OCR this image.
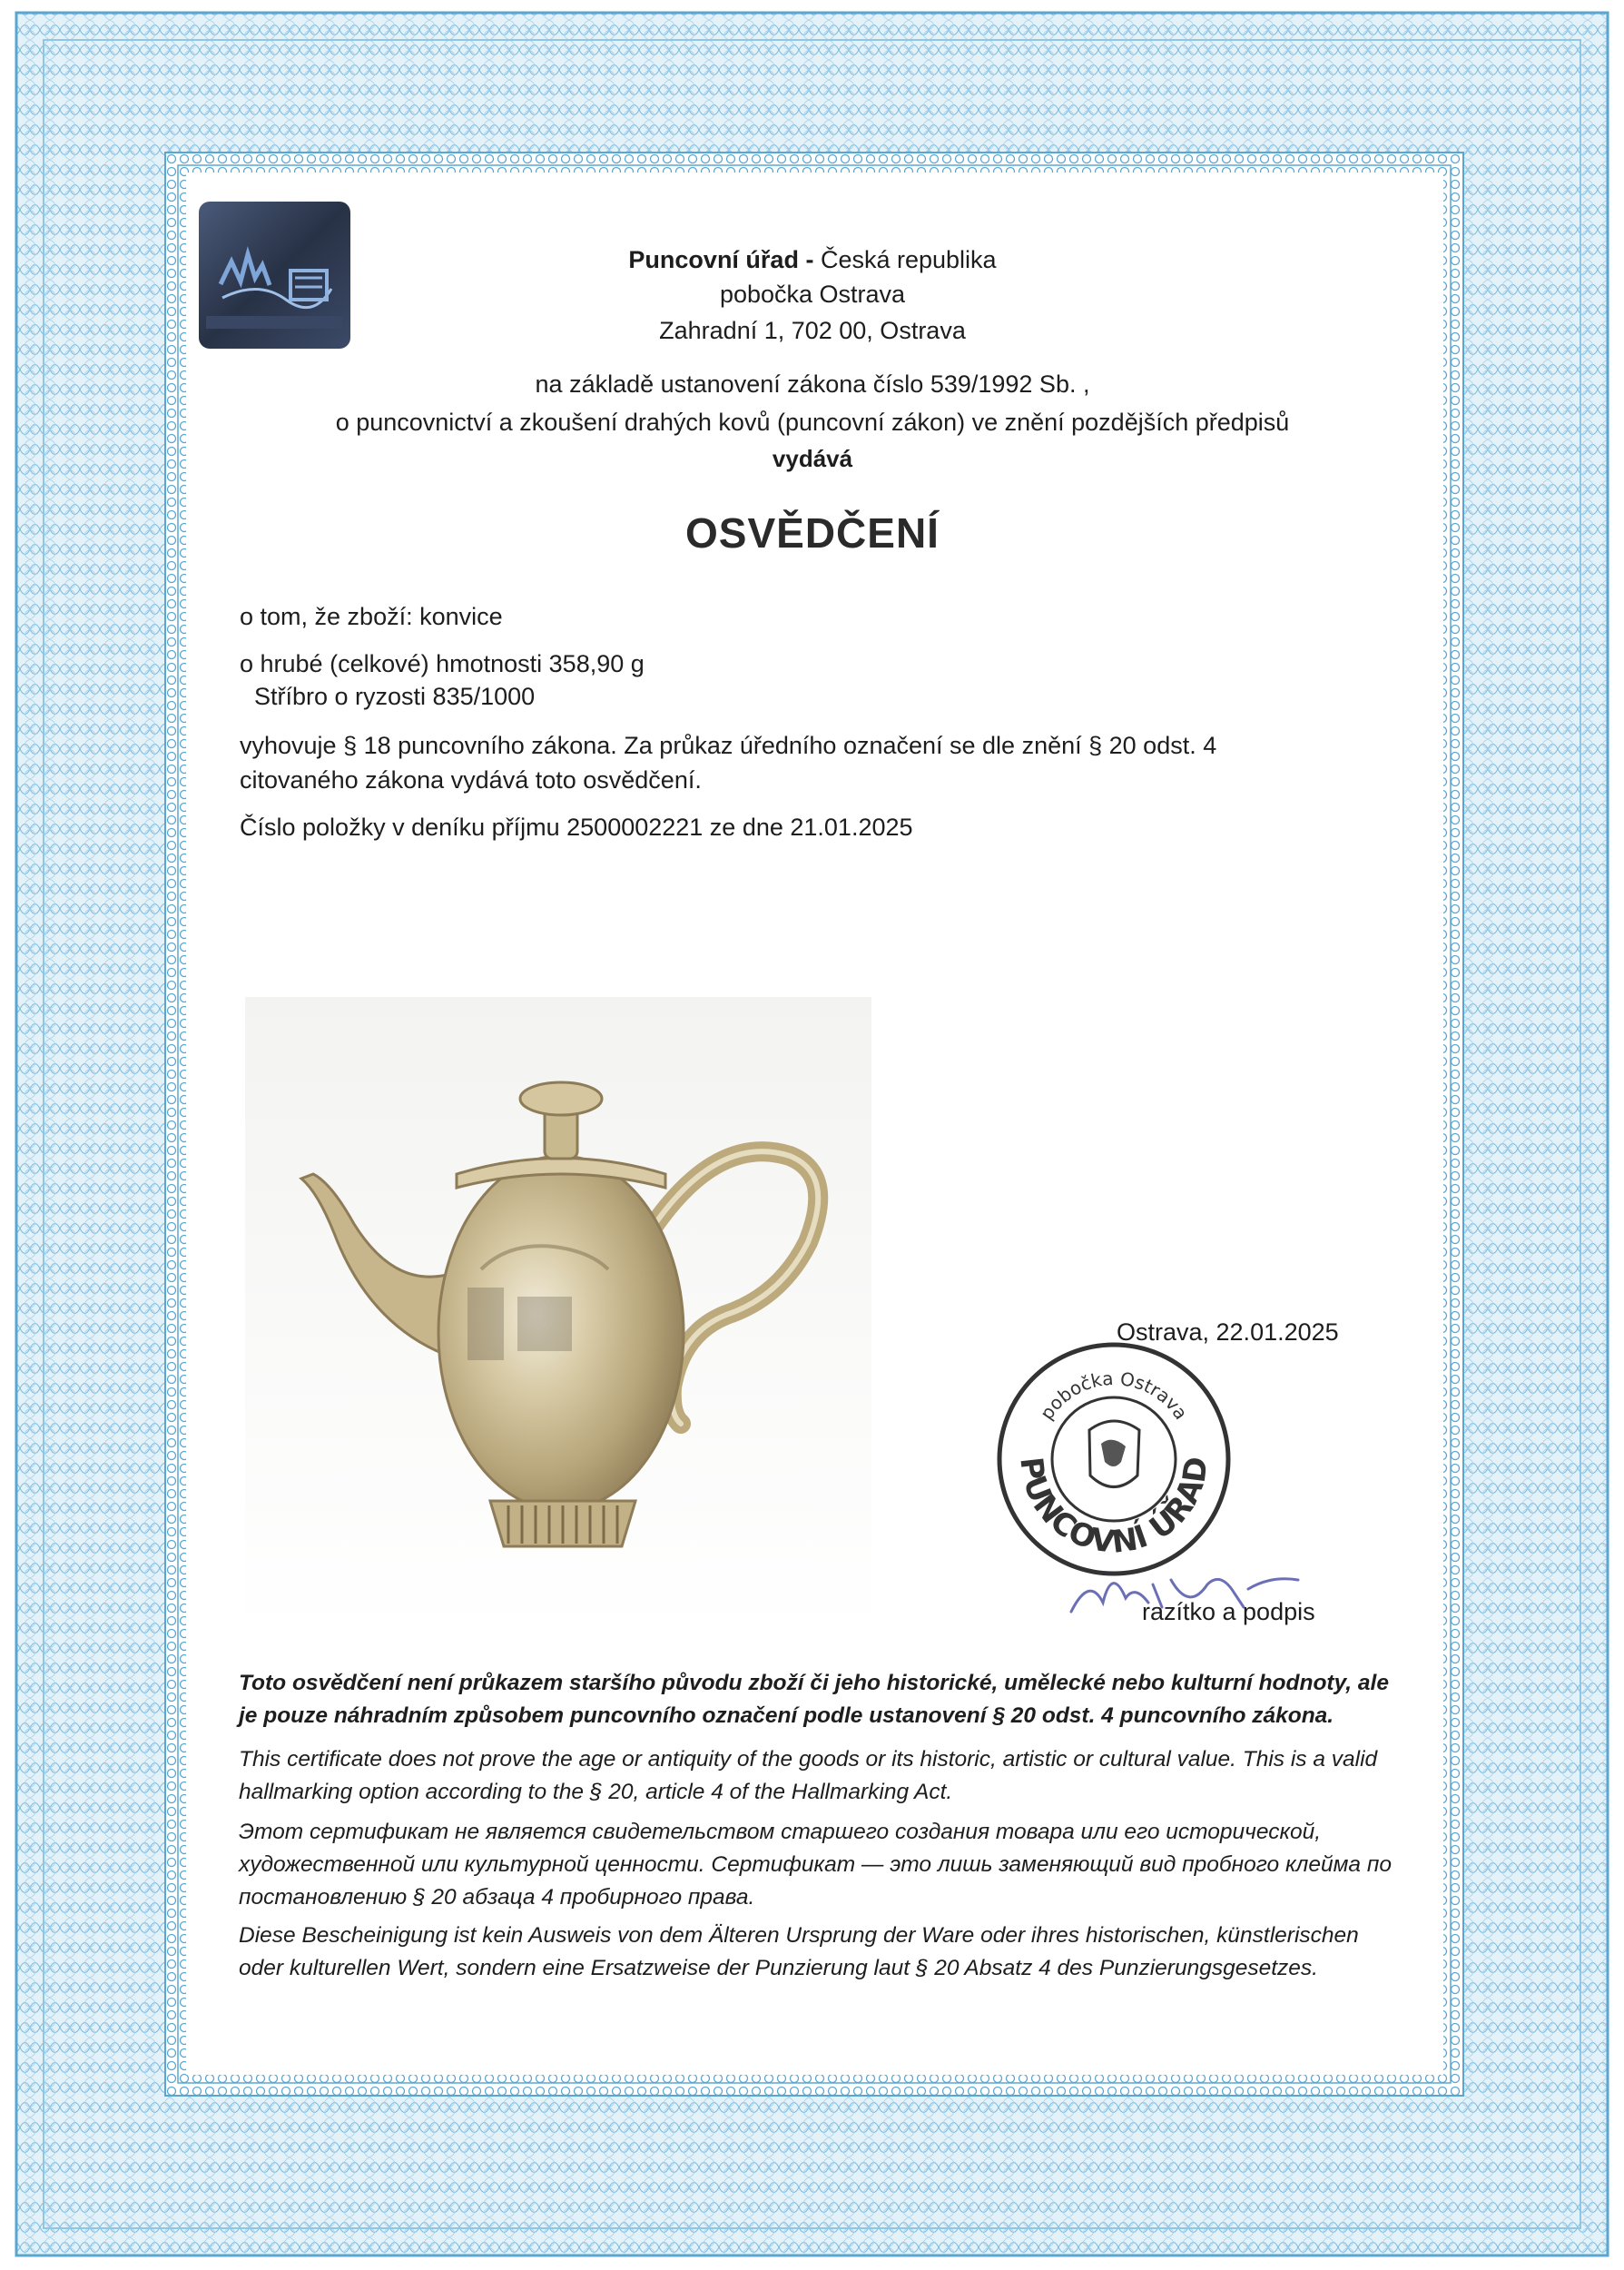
Puncovní úřad - Česká republika
pobočka Ostrava
Zahradní 1, 702 00, Ostrava
na základě ustanovení zákona číslo 539/1992 Sb. ,
o puncovnictví a zkoušení drahých kovů (puncovní zákon) ve znění pozdějších předpisů
vydává
OSVĚDČENÍ
o tom, že zboží: konvice
o hrubé (celkové) hmotnosti 358,90 g
Stříbro o ryzosti 835/1000
vyhovuje § 18 puncovního zákona. Za průkaz úředního označení se dle znění § 20 odst. 4 citovaného zákona vydává toto osvědčení.
Číslo položky v deníku příjmu 2500002221 ze dne 21.01.2025
Ostrava, 22.01.2025
pobočka Ostrava
PUNCOVNÍ ÚŘAD
razítko a podpis
Toto osvědčení není průkazem staršího původu zboží či jeho historické, umělecké nebo kulturní hodnoty, ale je pouze náhradním způsobem puncovního označení podle ustanovení § 20 odst. 4 puncovního zákona.
This certificate does not prove the age or antiquity of the goods or its historic, artistic or cultural value. This is a valid hallmarking option according to the § 20, article 4 of the Hallmarking Act.
Этот сертификат не является свидетельством старшего создания товара или его исторической, художественной или культурной ценности. Сертификат — это лишь заменяющий вид пробного клейма по постановлению § 20 абзаца 4 пробирного права.
Diese Bescheinigung ist kein Ausweis von dem Älteren Ursprung der Ware oder ihres historischen, künstlerischen oder kulturellen Wert, sondern eine Ersatzweise der Punzierung laut § 20 Absatz 4 des Punzierungsgesetzes.
